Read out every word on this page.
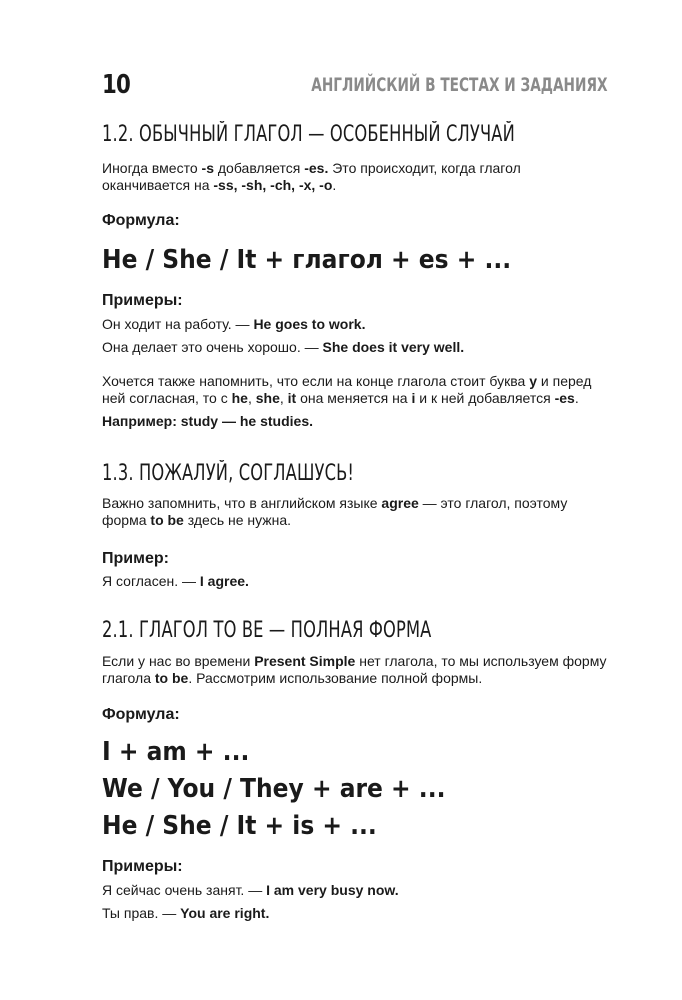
10	АНГЛИЙСКИЙ В ТЕСТАХ И ЗАДАНИЯХ
1.2. ОБЫЧНЫЙ ГЛАГОЛ — ОСОБЕННЫЙ СЛУЧАЙ
Иногда вместо -s добавляется -es. Это происходит, когда глагол оканчивается на -ss, -sh, -ch, -x, -o.
Формула:
He / She / It + глагол + es + ...
Примеры:
Он ходит на работу. — He goes to work.
Она делает это очень хорошо. — She does it very well.
Хочется также напомнить, что если на конце глагола стоит буква y и перед ней согласная, то с he, she, it она меняется на i и к ней добавляется -es.
Например: study — he studies.
1.3. ПОЖАЛУЙ, СОГЛАШУСЬ!
Важно запомнить, что в английском языке agree — это глагол, поэтому форма to be здесь не нужна.
Пример:
Я согласен. — I agree.
2.1. ГЛАГОЛ TO BE — ПОЛНАЯ ФОРМА
Если у нас во времени Present Simple нет глагола, то мы используем форму глагола to be. Рассмотрим использование полной формы.
Формула:
I + am + ...
We / You / They + are + ...
He / She / It + is + ...
Примеры:
Я сейчас очень занят. — I am very busy now.
Ты прав. — You are right.
